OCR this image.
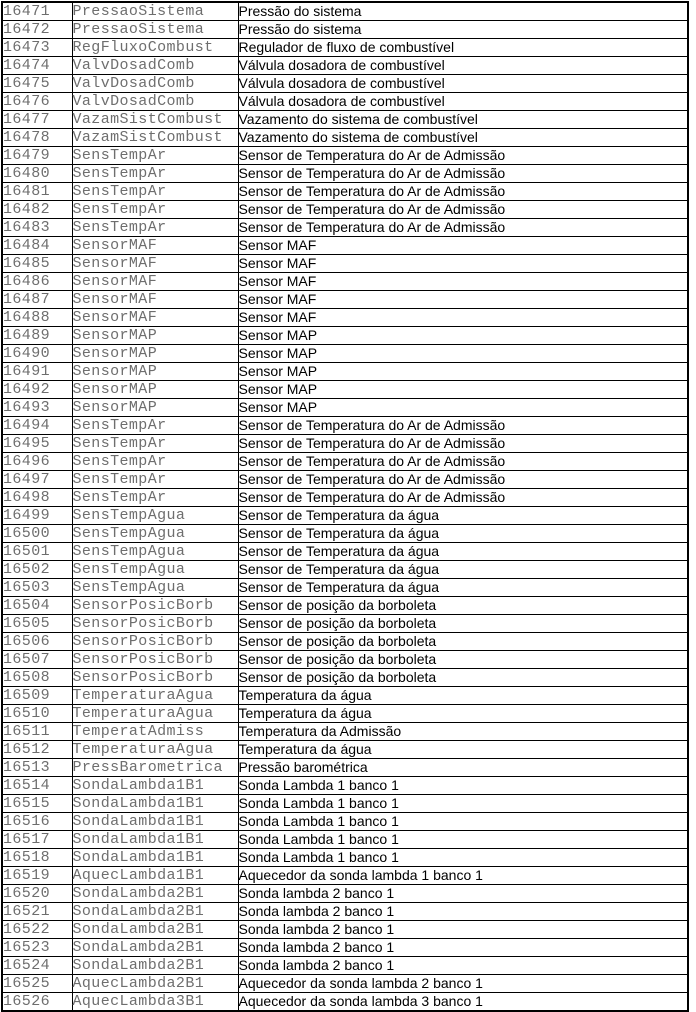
16471	PressaoSistema	Pressão do sistema
16472	PressaoSistema	Pressão do sistema
16473	RegFluxoCombust	Regulador de fluxo de combustível
16474	ValvDosadComb	Válvula dosadora de combustível
16475	ValvDosadComb	Válvula dosadora de combustível
16476	ValvDosadComb	Válvula dosadora de combustível
16477	VazamSistCombust	Vazamento do sistema de combustível
16478	VazamSistCombust	Vazamento do sistema de combustível
16479	SensTempAr	Sensor de Temperatura do Ar de Admissão
16480	SensTempAr	Sensor de Temperatura do Ar de Admissão
16481	SensTempAr	Sensor de Temperatura do Ar de Admissão
16482	SensTempAr	Sensor de Temperatura do Ar de Admissão
16483	SensTempAr	Sensor de Temperatura do Ar de Admissão
16484	SensorMAF	Sensor MAF
16485	SensorMAF	Sensor MAF
16486	SensorMAF	Sensor MAF
16487	SensorMAF	Sensor MAF
16488	SensorMAF	Sensor MAF
16489	SensorMAP	Sensor MAP
16490	SensorMAP	Sensor MAP
16491	SensorMAP	Sensor MAP
16492	SensorMAP	Sensor MAP
16493	SensorMAP	Sensor MAP
16494	SensTempAr	Sensor de Temperatura do Ar de Admissão
16495	SensTempAr	Sensor de Temperatura do Ar de Admissão
16496	SensTempAr	Sensor de Temperatura do Ar de Admissão
16497	SensTempAr	Sensor de Temperatura do Ar de Admissão
16498	SensTempAr	Sensor de Temperatura do Ar de Admissão
16499	SensTempAgua	Sensor de Temperatura da água
16500	SensTempAgua	Sensor de Temperatura da água
16501	SensTempAgua	Sensor de Temperatura da água
16502	SensTempAgua	Sensor de Temperatura da água
16503	SensTempAgua	Sensor de Temperatura da água
16504	SensorPosicBorb	Sensor de posição da borboleta
16505	SensorPosicBorb	Sensor de posição da borboleta
16506	SensorPosicBorb	Sensor de posição da borboleta
16507	SensorPosicBorb	Sensor de posição da borboleta
16508	SensorPosicBorb	Sensor de posição da borboleta
16509	TemperaturaAgua	Temperatura da água
16510	TemperaturaAgua	Temperatura da água
16511	TemperatAdmiss	Temperatura da Admissão
16512	TemperaturaAgua	Temperatura da água
16513	PressBarometrica	Pressão barométrica
16514	SondaLambda1B1	Sonda Lambda 1 banco 1
16515	SondaLambda1B1	Sonda Lambda 1 banco 1
16516	SondaLambda1B1	Sonda Lambda 1 banco 1
16517	SondaLambda1B1	Sonda Lambda 1 banco 1
16518	SondaLambda1B1	Sonda Lambda 1 banco 1
16519	AquecLambda1B1	Aquecedor da sonda lambda 1 banco 1
16520	SondaLambda2B1	Sonda lambda 2 banco 1
16521	SondaLambda2B1	Sonda lambda 2 banco 1
16522	SondaLambda2B1	Sonda lambda 2 banco 1
16523	SondaLambda2B1	Sonda lambda 2 banco 1
16524	SondaLambda2B1	Sonda lambda 2 banco 1
16525	AquecLambda2B1	Aquecedor da sonda lambda 2 banco 1
16526	AquecLambda3B1	Aquecedor da sonda lambda 3 banco 1
